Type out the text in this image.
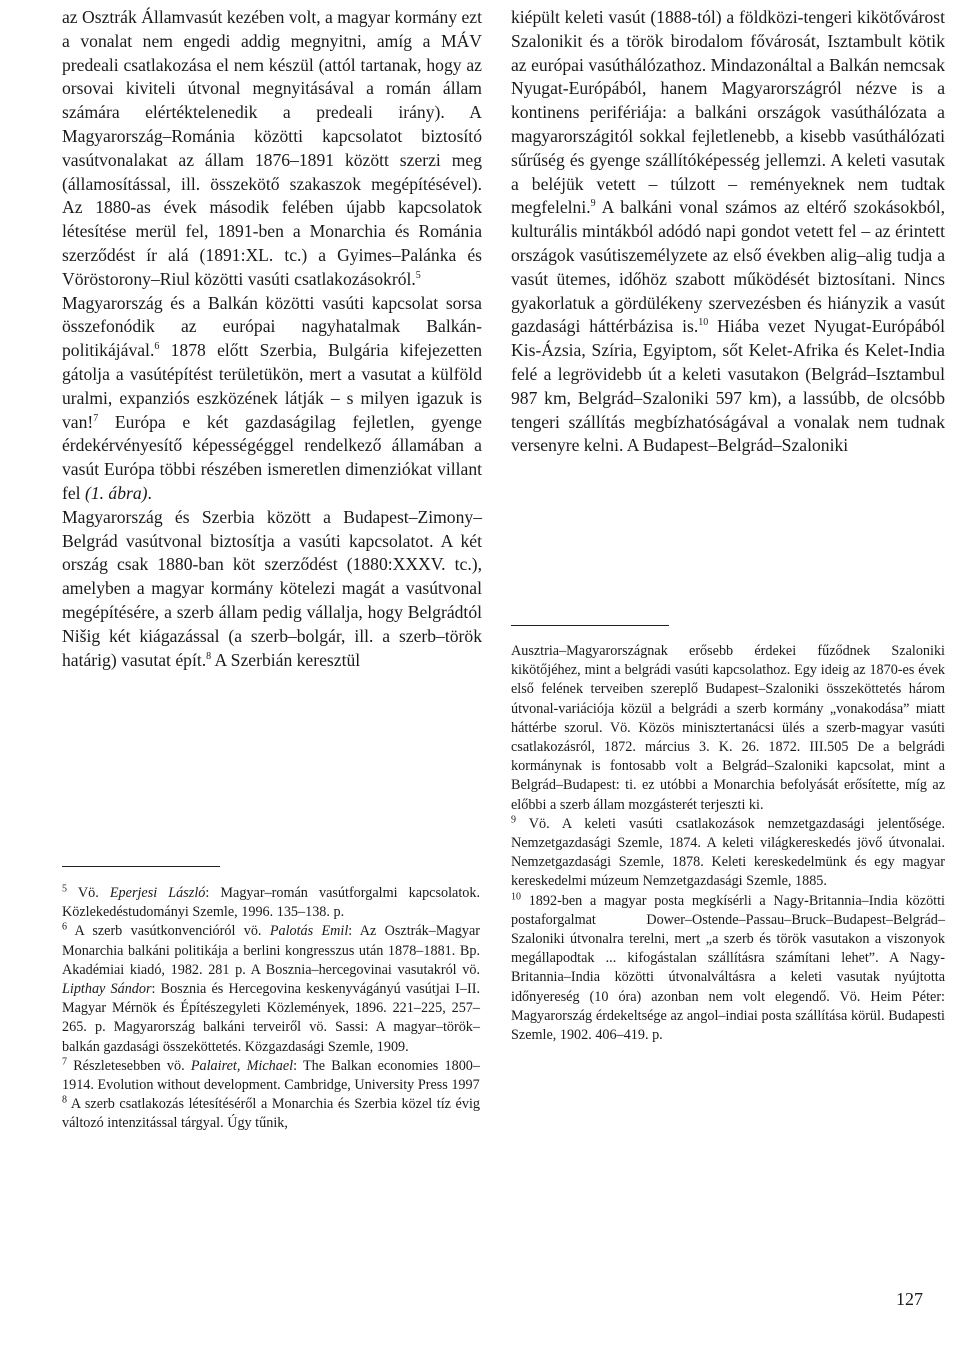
az Osztrák Államvasút kezében volt, a magyar kormány ezt a vonalat nem engedi addig megnyitni, amíg a MÁV predeali csatlakozása el nem készül (attól tartanak, hogy az orsovai kiviteli útvonal megnyitásával a román állam számára elértéktelenedik a predeali irány). A Magyarország–Románia közötti kapcsolatot biztosító vasútvonalakat az állam 1876–1891 között szerzi meg (államosítással, ill. összekötő szakaszok megépítésével). Az 1880-as évek második felében újabb kapcsolatok létesítése merül fel, 1891-ben a Monarchia és Románia szerződést ír alá (1891:XL. tc.) a Gyimes–Palánka és Vöröstorony–Riul közötti vasúti csatlakozásokról.$^5$

Magyarország és a Balkán közötti vasúti kapcsolat sorsa összefonódik az európai nagyhatalmak Balkán-politikájával.$^6$ 1878 előtt Szerbia, Bulgária kifejezetten gátolja a vasútépítést területükön, mert a vasutat a külföld uralmi, expanziós eszközének látják – s milyen igazuk is van!$^7$ Európa e két gazdaságilag fejletlen, gyenge érdekérvényesítő képességéggel rendelkező államában a vasút Európa többi részében ismeretlen dimenziókat villant fel (1. ábra).

Magyarország és Szerbia között a Budapest–Zimony–Belgrád vasútvonal biztosítja a vasúti kapcsolatot. A két ország csak 1880-ban köt szerződést (1880:XXXV. tc.), amelyben a magyar kormány kötelezi magát a vasútvonal megépítésére, a szerb állam pedig vállalja, hogy Belgrádtól Nišig két kiágazással (a szerb–bolgár, ill. a szerb–török határig) vasutat épít.$^8$ A Szerbián keresztül

$^5$ Vö. Eperjesi László: Magyar–román vasútforgalmi kapcsolatok. Közlekedéstudományi Szemle, 1996. 135–138. p.

$^6$ A szerb vasútkonvencióról vö. Palotás Emil: Az Osztrák–Magyar Monarchia balkáni politikája a berlini kongresszus után 1878–1881. Bp. Akadémiai kiadó, 1982. 281 p. A Bosznia–hercegovinai vasutakról vö. Lipthay Sándor: Bosznia és Hercegovina keskenyvágányú vasútjai I–II. Magyar Mérnök és Építészegyleti Közlemények, 1896. 221–225, 257–265. p. Magyarország balkáni terveiről vö. Sassi: A magyar–török–balkán gazdasági összeköttetés. Közgazdasági Szemle, 1909.

$^7$ Részletesebben vö. Palairet, Michael: The Balkan economies 1800–1914. Evolution without development. Cambridge, University Press 1997

$^8$ A szerb csatlakozás létesítéséről a Monarchia és Szerbia közel tíz évig változó intenzitással tárgyal. Úgy tűnik,

kiépült keleti vasút (1888-tól) a földközi-tengeri kikötővárost Szalonikit és a török birodalom fővárosát, Isztambult kötik az európai vasúthálózathoz. Mindazonáltal a Balkán nemcsak Nyugat-Európából, hanem Magyarországról nézve is a kontinens perifériája: a balkáni országok vasúthálózata a magyarországitól sokkal fejletlenebb, a kisebb vasúthálózati sűrűség és gyenge szállítóképesség jellemzi. A keleti vasutak a beléjük vetett – túlzott – reményeknek nem tudtak megfelelni.$^9$ A balkáni vonal számos az eltérő szokásokból, kulturális mintákból adódó napi gondot vetett fel – az érintett országok vasútiszemélyzete az első években alig–alig tudja a vasút ütemes, időhöz szabott működését biztosítani. Nincs gyakorlatuk a gördülékeny szervezésben és hiányzik a vasút gazdasági háttérbázisa is.$^{10}$ Hiába vezet Nyugat-Európából Kis-Ázsia, Szíria, Egyiptom, sőt Kelet-Afrika és Kelet-India felé a legrövidebb út a keleti vasutakon (Belgrád–Isztambul 987 km, Belgrád–Szaloniki 597 km), a lassúbb, de olcsóbb tengeri szállítás megbízhatóságával a vonalak nem tudnak versenyre kelni. A Budapest–Belgrád–Szaloniki

Ausztria–Magyarországnak erősebb érdekei fűződnek Szaloniki kikötőjéhez, mint a belgrádi vasúti kapcsolathoz. Egy ideig az 1870-es évek első felének terveiben szereplő Budapest–Szaloniki összeköttetés három útvonal-variációja közül a belgrádi a szerb kormány „vonakodása” miatt háttérbe szorul. Vö. Közös minisztertanácsi ülés a szerb-magyar vasúti csatlakozásról, 1872. március 3. K. 26. 1872. III.505 De a belgrádi kormánynak is fontosabb volt a Belgrád–Szaloniki kapcsolat, mint a Belgrád–Budapest: ti. ez utóbbi a Monarchia befolyását erősítette, míg az előbbi a szerb állam mozgásterét terjeszti ki.

$^9$ Vö. A keleti vasúti csatlakozások nemzetgazdasági jelentősége. Nemzetgazdasági Szemle, 1874. A keleti világkereskedés jövő útvonalai. Nemzetgazdasági Szemle, 1878. Keleti kereskedelmünk és egy magyar kereskedelmi múzeum Nemzetgazdasági Szemle, 1885.

$^{10}$ 1892-ben a magyar posta megkísérli a Nagy-Britannia–India közötti postaforgalmat Dower–Ostende–Passau–Bruck–Budapest–Belgrád–Szaloniki útvonalra terelni, mert „a szerb és török vasutakon a viszonyok megállapodtak ... kifogástalan szállításra számítani lehet”. A Nagy-Britannia–India közötti útvonalváltásra a keleti vasutak nyújtotta időnyereség (10 óra) azonban nem volt elegendő. Vö. Heim Péter: Magyarország érdekeltsége az angol–indiai posta szállítása körül. Budapesti Szemle, 1902. 406–419. p.

127
